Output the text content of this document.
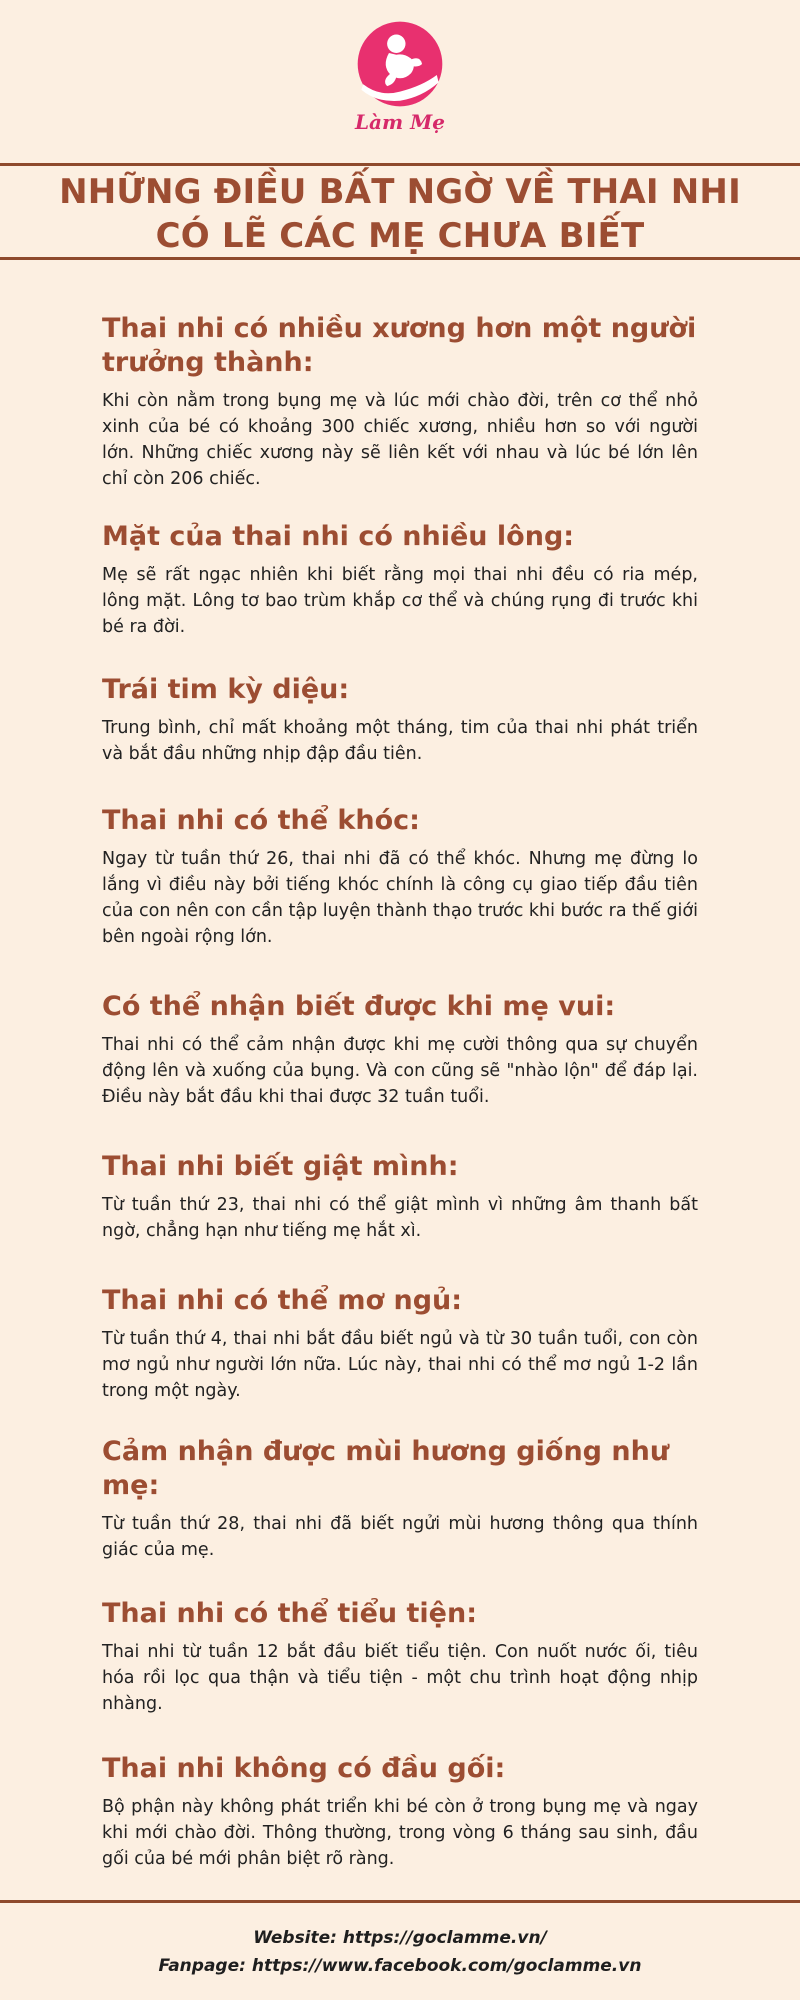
Làm Mẹ
NHỮNG ĐIỀU BẤT NGỜ VỀ THAI NHI
CÓ LẼ CÁC MẸ CHƯA BIẾT
Thai nhi có nhiều xương hơn một người trưởng thành:

Khi còn nằm trong bụng mẹ và lúc mới chào đời, trên cơ thể nhỏ xinh của bé có khoảng 300 chiếc xương, nhiều hơn so với người lớn. Những chiếc xương này sẽ liên kết với nhau và lúc bé lớn lên chỉ còn 206 chiếc.

Mặt của thai nhi có nhiều lông:

Mẹ sẽ rất ngạc nhiên khi biết rằng mọi thai nhi đều có ria mép, lông mặt. Lông tơ bao trùm khắp cơ thể và chúng rụng đi trước khi bé ra đời.

Trái tim kỳ diệu:

Trung bình, chỉ mất khoảng một tháng, tim của thai nhi phát triển và bắt đầu những nhịp đập đầu tiên.

Thai nhi có thể khóc:

Ngay từ tuần thứ 26, thai nhi đã có thể khóc. Nhưng mẹ đừng lo lắng vì điều này bởi tiếng khóc chính là công cụ giao tiếp đầu tiên của con nên con cần tập luyện thành thạo trước khi bước ra thế giới bên ngoài rộng lớn.

Có thể nhận biết được khi mẹ vui:

Thai nhi có thể cảm nhận được khi mẹ cười thông qua sự chuyển động lên và xuống của bụng. Và con cũng sẽ "nhào lộn" để đáp lại. Điều này bắt đầu khi thai được 32 tuần tuổi.

Thai nhi biết giật mình:

Từ tuần thứ 23, thai nhi có thể giật mình vì những âm thanh bất ngờ, chẳng hạn như tiếng mẹ hắt xì.

Thai nhi có thể mơ ngủ:

Từ tuần thứ 4, thai nhi bắt đầu biết ngủ và từ 30 tuần tuổi, con còn mơ ngủ như người lớn nữa. Lúc này, thai nhi có thể mơ ngủ 1-2 lần trong một ngày.

Cảm nhận được mùi hương giống như mẹ:

Từ tuần thứ 28, thai nhi đã biết ngửi mùi hương thông qua thính giác của mẹ.

Thai nhi có thể tiểu tiện:

Thai nhi từ tuần 12 bắt đầu biết tiểu tiện. Con nuốt nước ối, tiêu hóa rồi lọc qua thận và tiểu tiện - một chu trình hoạt động nhịp nhàng.

Thai nhi không có đầu gối:

Bộ phận này không phát triển khi bé còn ở trong bụng mẹ và ngay khi mới chào đời. Thông thường, trong vòng 6 tháng sau sinh, đầu gối của bé mới phân biệt rõ ràng.

Website: https://goclamme.vn/
Fanpage: https://www.facebook.com/goclamme.vn
